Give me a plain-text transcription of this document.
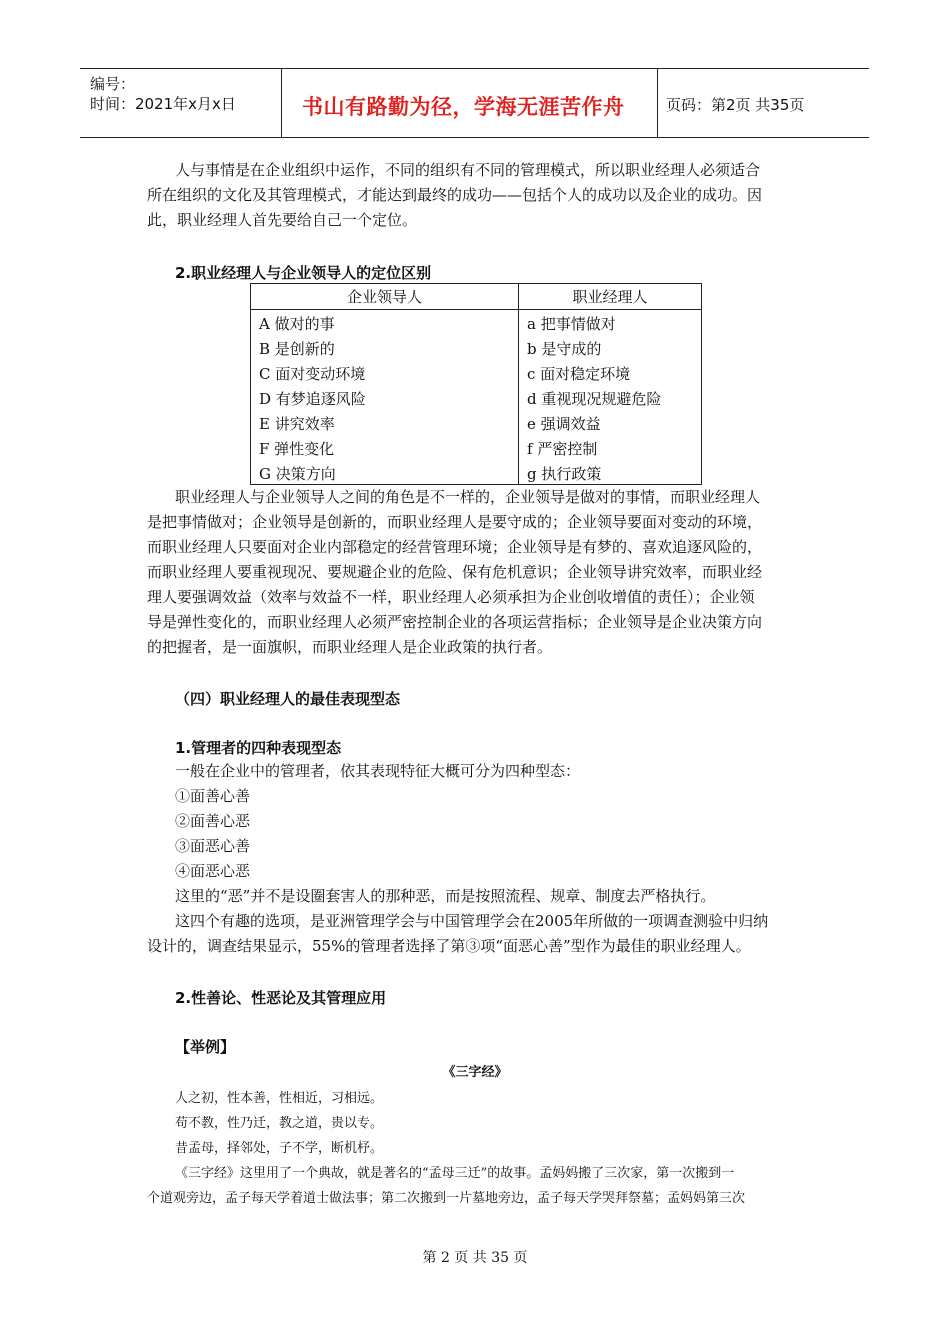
编号：
时间：2021年x月x日	书山有路勤为径，学海无涯苦作舟	页码：第2页 共35页
人与事情是在企业组织中运作，不同的组织有不同的管理模式，所以职业经理人必须适合
所在组织的文化及其管理模式，才能达到最终的成功——包括个人的成功以及企业的成功。因
此，职业经理人首先要给自己一个定位。
2.职业经理人与企业领导人的定位区别
企业领导人	职业经理人
A 做对的事	a 把事情做对
B 是创新的	b 是守成的
C 面对变动环境	c 面对稳定环境
D 有梦追逐风险	d 重视现况规避危险
E 讲究效率	e 强调效益
F 弹性变化	f 严密控制
G 决策方向	g 执行政策
职业经理人与企业领导人之间的角色是不一样的，企业领导是做对的事情，而职业经理人
是把事情做对；企业领导是创新的，而职业经理人是要守成的；企业领导要面对变动的环境，
而职业经理人只要面对企业内部稳定的经营管理环境；企业领导是有梦的、喜欢追逐风险的，
而职业经理人要重视现况、要规避企业的危险、保有危机意识；企业领导讲究效率，而职业经
理人要强调效益（效率与效益不一样，职业经理人必须承担为企业创收增值的责任）；企业领
导是弹性变化的，而职业经理人必须严密控制企业的各项运营指标；企业领导是企业决策方向
的把握者，是一面旗帜，而职业经理人是企业政策的执行者。
（四）职业经理人的最佳表现型态
1.管理者的四种表现型态
一般在企业中的管理者，依其表现特征大概可分为四种型态：
①面善心善
②面善心恶
③面恶心善
④面恶心恶
这里的“恶”并不是设圈套害人的那种恶，而是按照流程、规章、制度去严格执行。
这四个有趣的选项，是亚洲管理学会与中国管理学会在2005年所做的一项调查测验中归纳
设计的，调查结果显示，55%的管理者选择了第③项“面恶心善”型作为最佳的职业经理人。
2.性善论、性恶论及其管理应用
【举例】
《三字经》
人之初，性本善，性相近，习相远。
苟不教，性乃迁，教之道，贵以专。
昔孟母，择邻处，子不学，断机杼。
《三字经》这里用了一个典故，就是著名的“孟母三迁”的故事。孟妈妈搬了三次家，第一次搬到一
个道观旁边，孟子每天学着道士做法事；第二次搬到一片墓地旁边，孟子每天学哭拜祭墓；孟妈妈第三次
第 2 页 共 35 页
